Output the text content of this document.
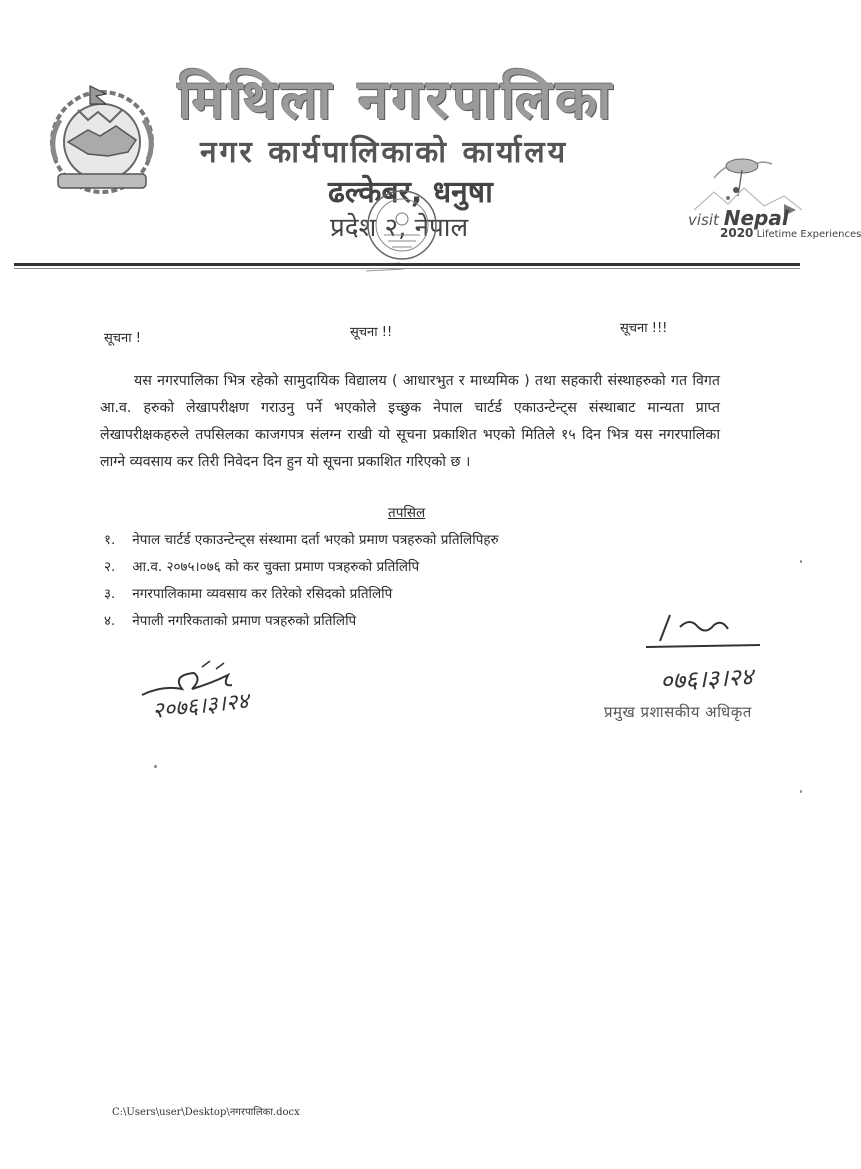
मिथिला नगरपालिका
नगर कार्यपालिकाको कार्यालय
ढल्केबर, धनुषा
प्रदेश २, नेपाल	visit Nepal
2020 Lifetime Experiences
सूचना !	सूचना !!	सूचना !!!
यस नगरपालिका भित्र रहेको सामुदायिक विद्यालय ( आधारभुत र माध्यमिक ) तथा सहकारी संस्थाहरुको गत विगत आ.व. हरुको लेखापरीक्षण गराउनु पर्ने भएकोले इच्छुक नेपाल चार्टर्ड एकाउन्टेन्ट्स संस्थाबाट मान्यता प्राप्त लेखापरीक्षकहरुले तपसिलका काजगपत्र संलग्न राखी यो सूचना प्रकाशित भएको मितिले १५ दिन भित्र यस नगरपालिका लाग्ने व्यवसाय कर तिरी निवेदन दिन हुन यो सूचना प्रकाशित गरिएको छ ।
तपसिल
१. नेपाल चार्टर्ड एकाउन्टेन्ट्स संस्थामा दर्ता भएको प्रमाण पत्रहरुको प्रतिलिपिहरु
२. आ.व. २०७५।०७६ को कर चुक्ता प्रमाण पत्रहरुको प्रतिलिपि
३. नगरपालिकामा व्यवसाय कर तिरेको रसिदको प्रतिलिपि
४. नेपाली नगरिकताको प्रमाण पत्रहरुको प्रतिलिपि
२०७६।३।२४
०७६।३।२४
प्रमुख प्रशासकीय अधिकृत
C:\Users\user\Desktop\नगरपालिका.docx
